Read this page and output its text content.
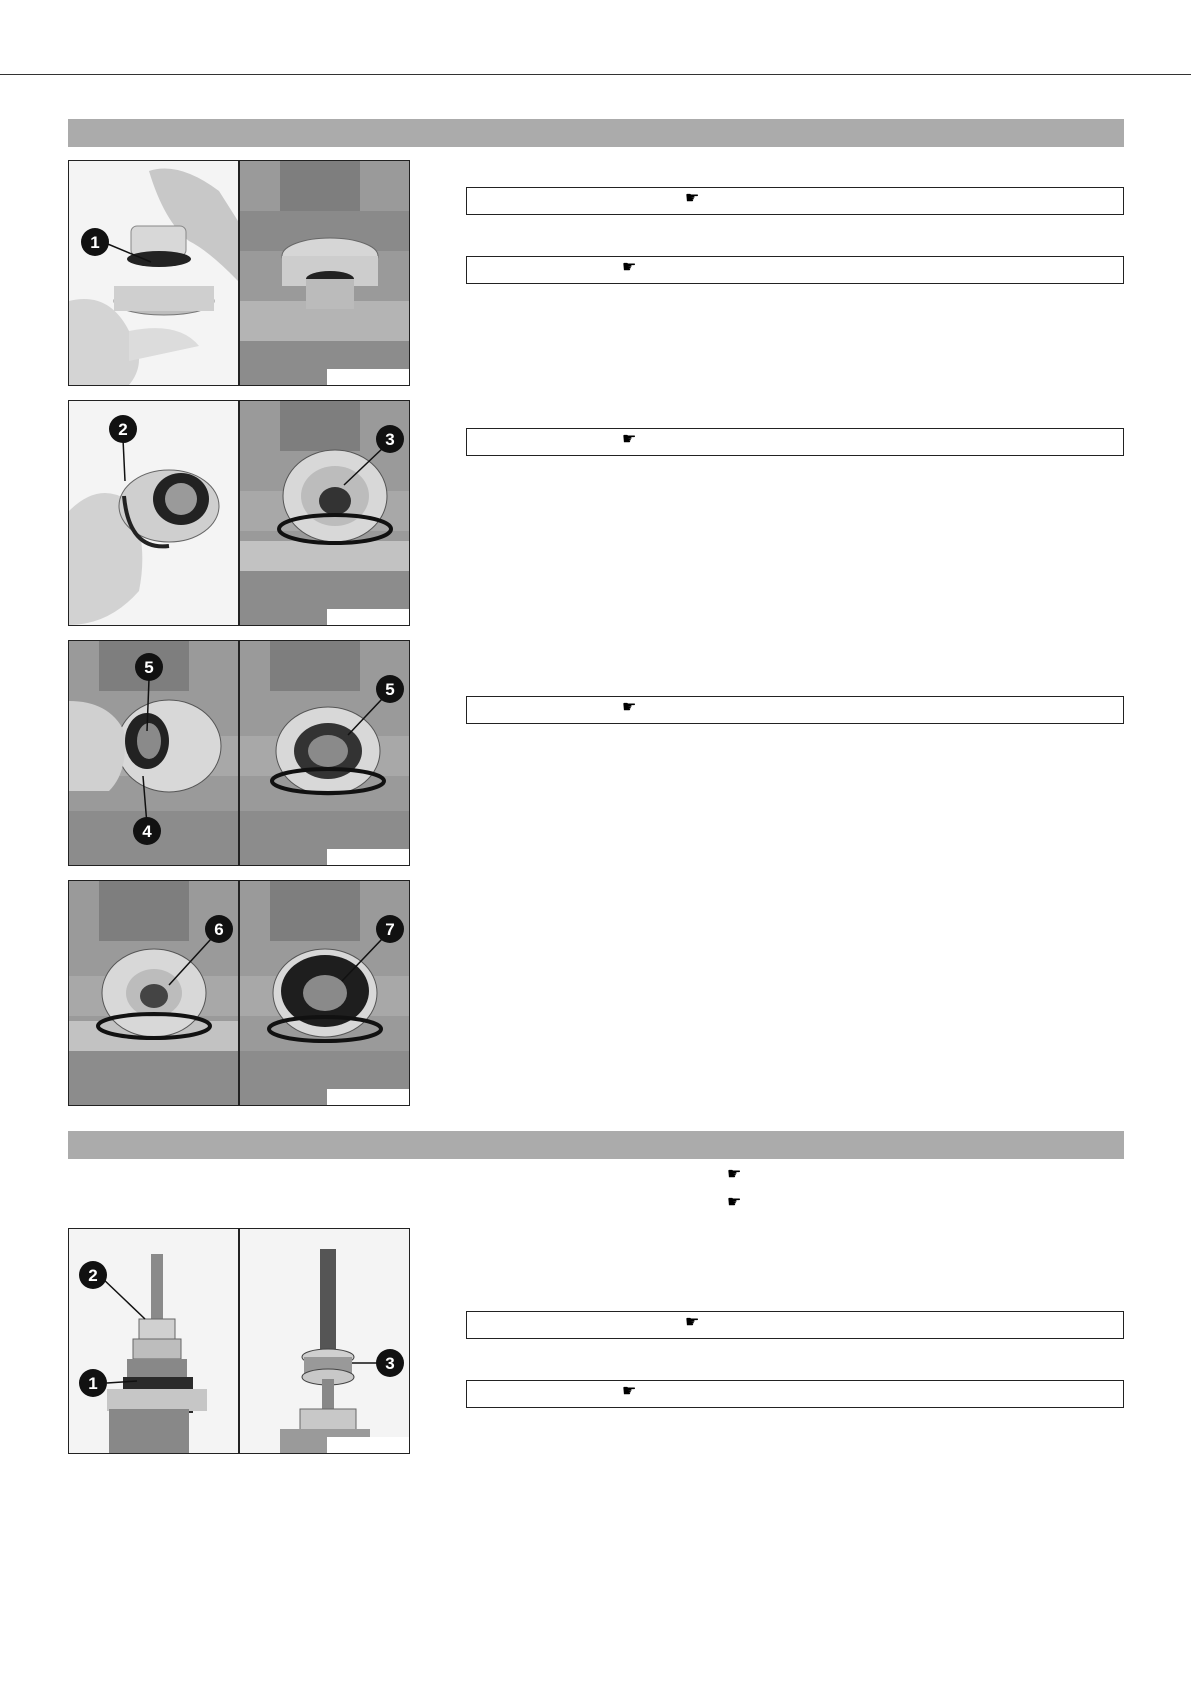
1
☛
☛
2
3	☛
5
4
5
☛
6	7
☛
☛
2
1
3
☛
☛
